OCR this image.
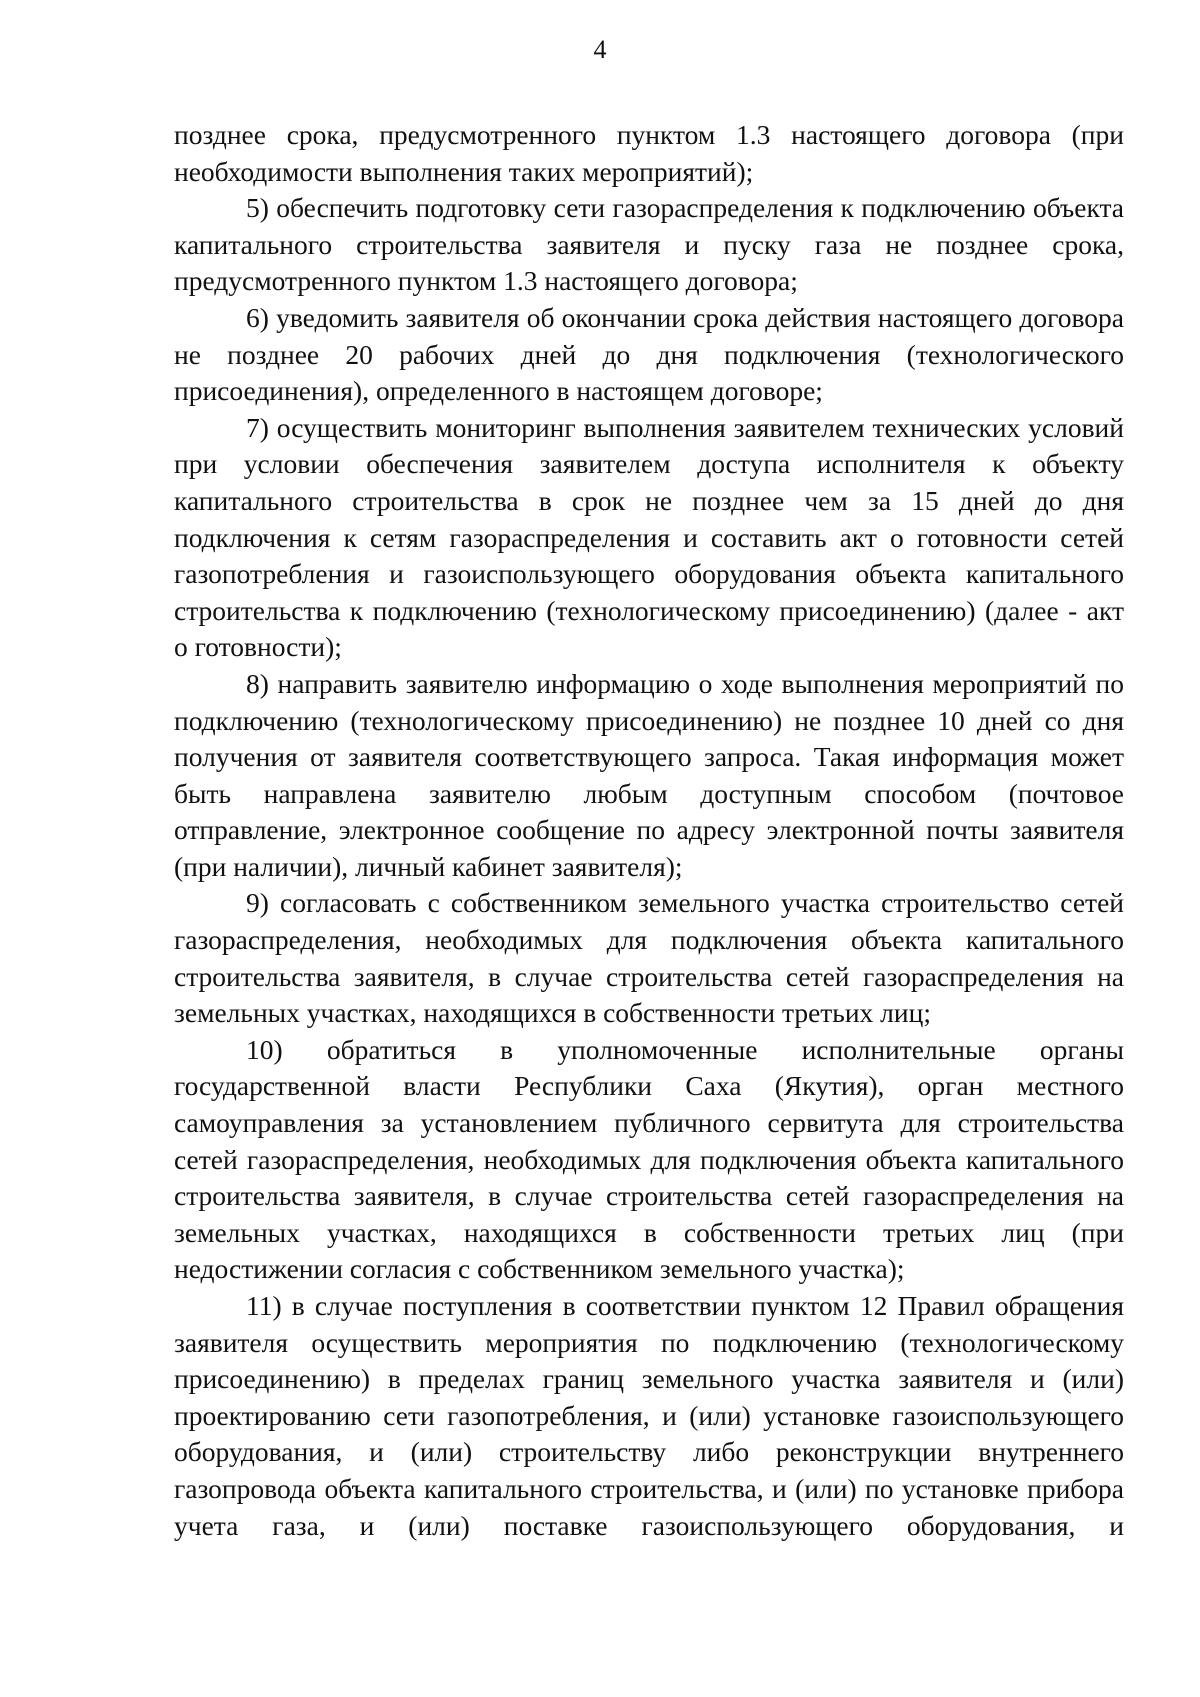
4

позднее срока, предусмотренного пунктом 1.3 настоящего договора (при необходимости выполнения таких мероприятий);

5) обеспечить подготовку сети газораспределения к подключению объекта капитального строительства заявителя и пуску газа не позднее срока, предусмотренного пунктом 1.3 настоящего договора;

6) уведомить заявителя об окончании срока действия настоящего договора не позднее 20 рабочих дней до дня подключения (технологического присоединения), определенного в настоящем договоре;

7) осуществить мониторинг выполнения заявителем технических условий при условии обеспечения заявителем доступа исполнителя к объекту капитального строительства в срок не позднее чем за 15 дней до дня подключения к сетям газораспределения и составить акт о готовности сетей газопотребления и газоиспользующего оборудования объекта капитального строительства к подключению (технологическому присоединению) (далее - акт о готовности);

8) направить заявителю информацию о ходе выполнения мероприятий по подключению (технологическому присоединению) не позднее 10 дней со дня получения от заявителя соответствующего запроса. Такая информация может быть направлена заявителю любым доступным способом (почтовое отправление, электронное сообщение по адресу электронной почты заявителя (при наличии), личный кабинет заявителя);

9) согласовать с собственником земельного участка строительство сетей газораспределения, необходимых для подключения объекта капитального строительства заявителя, в случае строительства сетей газораспределения на земельных участках, находящихся в собственности третьих лиц;

10) обратиться в уполномоченные исполнительные органы государственной власти Республики Саха (Якутия), орган местного самоуправления за установлением публичного сервитута для строительства сетей газораспределения, необходимых для подключения объекта капитального строительства заявителя, в случае строительства сетей газораспределения на земельных участках, находящихся в собственности третьих лиц (при недостижении согласия с собственником земельного участка);

11) в случае поступления в соответствии пунктом 12 Правил обращения заявителя осуществить мероприятия по подключению (технологическому присоединению) в пределах границ земельного участка заявителя и (или) проектированию сети газопотребления, и (или) установке газоиспользующего оборудования, и (или) строительству либо реконструкции внутреннего газопровода объекта капитального строительства, и (или) по установке прибора учета газа, и (или) поставке газоиспользующего оборудования, и
